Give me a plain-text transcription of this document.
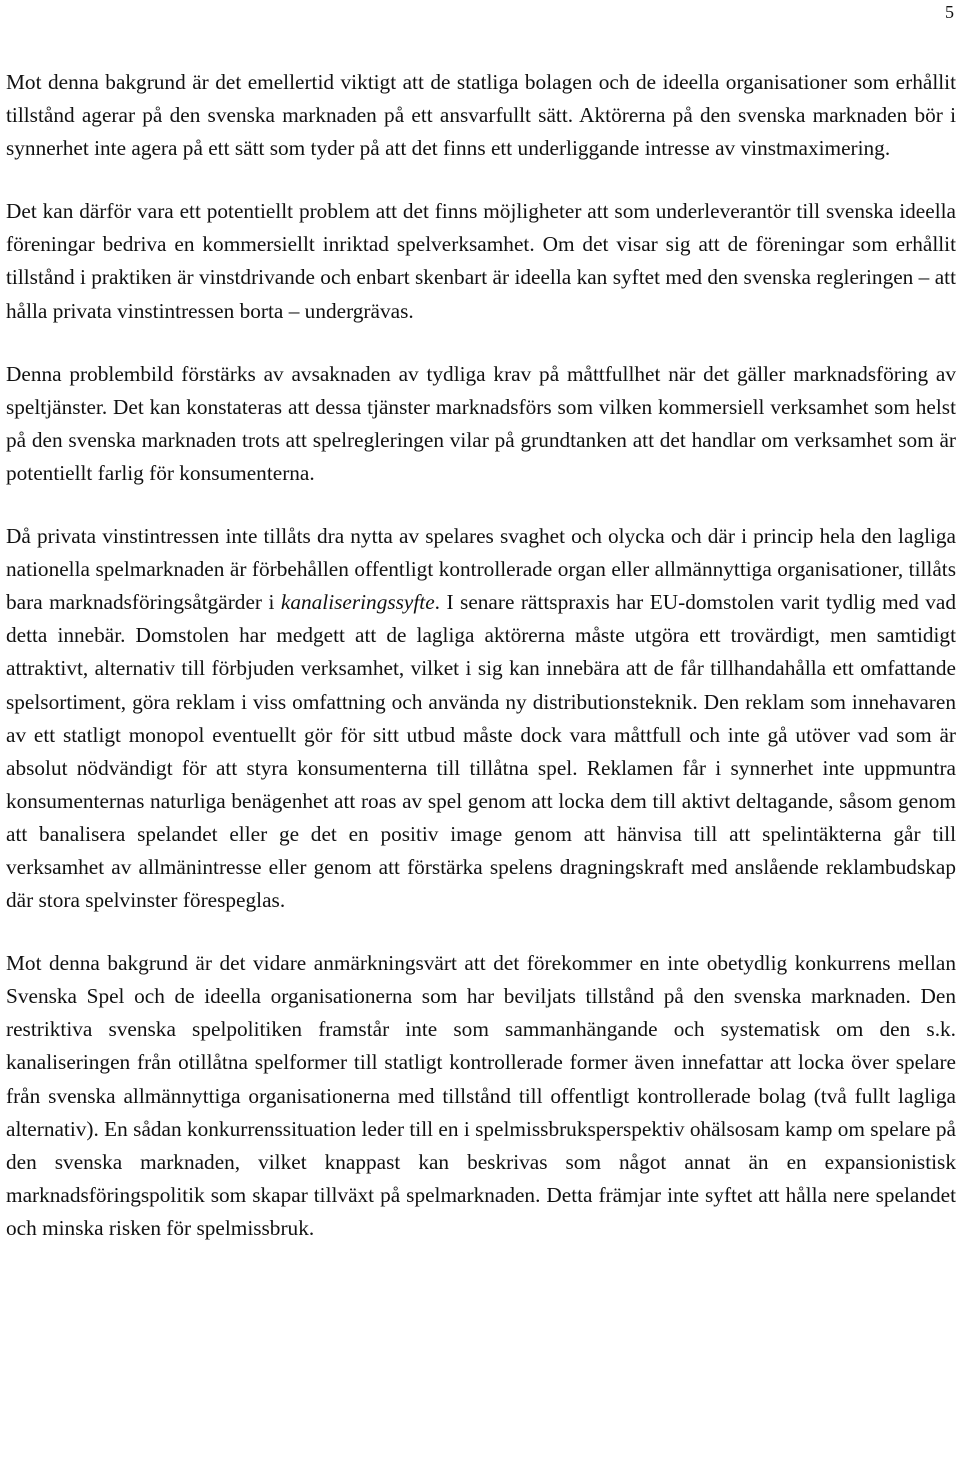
5

Mot denna bakgrund är det emellertid viktigt att de statliga bolagen och de ideella organisationer som erhållit tillstånd agerar på den svenska marknaden på ett ansvarfullt sätt. Aktörerna på den svenska marknaden bör i synnerhet inte agera på ett sätt som tyder på att det finns ett underliggande intresse av vinstmaximering.

Det kan därför vara ett potentiellt problem att det finns möjligheter att som underleverantör till svenska ideella föreningar bedriva en kommersiellt inriktad spelverksamhet. Om det visar sig att de föreningar som erhållit tillstånd i praktiken är vinstdrivande och enbart skenbart är ideella kan syftet med den svenska regleringen – att hålla privata vinstintressen borta – undergrävas.

Denna problembild förstärks av avsaknaden av tydliga krav på måttfullhet när det gäller marknadsföring av speltjänster. Det kan konstateras att dessa tjänster marknadsförs som vilken kommersiell verksamhet som helst på den svenska marknaden trots att spelregleringen vilar på grundtanken att det handlar om verksamhet som är potentiellt farlig för konsumenterna.

Då privata vinstintressen inte tillåts dra nytta av spelares svaghet och olycka och där i princip hela den lagliga nationella spelmarknaden är förbehållen offentligt kontrollerade organ eller allmännyttiga organisationer, tillåts bara marknadsföringsåtgärder i kanaliseringssyfte. I senare rättspraxis har EU-domstolen varit tydlig med vad detta innebär. Domstolen har medgett att de lagliga aktörerna måste utgöra ett trovärdigt, men samtidigt attraktivt, alternativ till förbjuden verksamhet, vilket i sig kan innebära att de får tillhandahålla ett omfattande spelsortiment, göra reklam i viss omfattning och använda ny distributionsteknik. Den reklam som innehavaren av ett statligt monopol eventuellt gör för sitt utbud måste dock vara måttfull och inte gå utöver vad som är absolut nödvändigt för att styra konsumenterna till tillåtna spel. Reklamen får i synnerhet inte uppmuntra konsumenternas naturliga benägenhet att roas av spel genom att locka dem till aktivt deltagande, såsom genom att banalisera spelandet eller ge det en positiv image genom att hänvisa till att spelintäkterna går till verksamhet av allmänintresse eller genom att förstärka spelens dragningskraft med anslående reklambudskap där stora spelvinster förespeglas.

Mot denna bakgrund är det vidare anmärkningsvärt att det förekommer en inte obetydlig konkurrens mellan Svenska Spel och de ideella organisationerna som har beviljats tillstånd på den svenska marknaden. Den restriktiva svenska spelpolitiken framstår inte som sammanhängande och systematisk om den s.k. kanaliseringen från otillåtna spelformer till statligt kontrollerade former även innefattar att locka över spelare från svenska allmännyttiga organisationerna med tillstånd till offentligt kontrollerade bolag (två fullt lagliga alternativ). En sådan konkurrenssituation leder till en i spelmissbruksperspektiv ohälsosam kamp om spelare på den svenska marknaden, vilket knappast kan beskrivas som något annat än en expansionistisk marknadsföringspolitik som skapar tillväxt på spelmarknaden. Detta främjar inte syftet att hålla nere spelandet och minska risken för spelmissbruk.
